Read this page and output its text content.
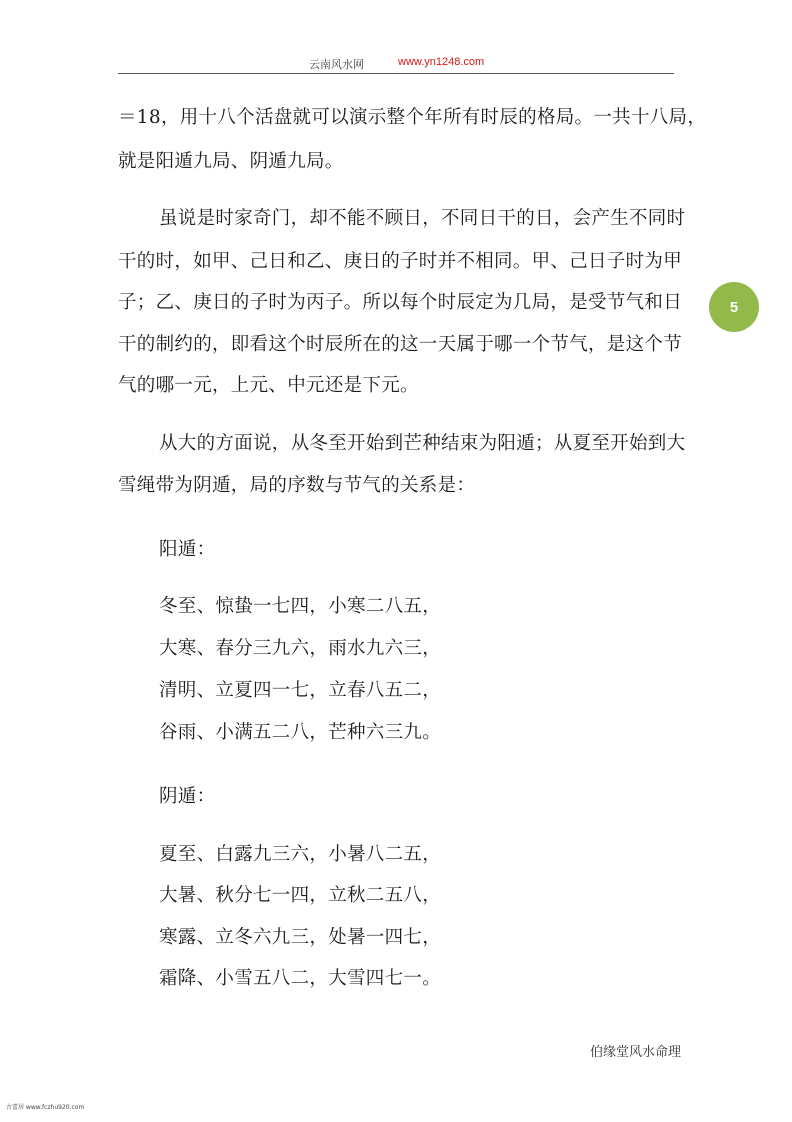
云南风水网	www.yn1248.com
5
＝18，用十八个活盘就可以演示整个年所有时辰的格局。一共十八局，
就是阳遁九局、阴遁九局。
虽说是时家奇门，却不能不顾日，不同日干的日，会产生不同时
干的时，如甲、己日和乙、庚日的子时并不相同。甲、己日子时为甲
子；乙、庚日的子时为丙子。所以每个时辰定为几局，是受节气和日
干的制约的，即看这个时辰所在的这一天属于哪一个节气，是这个节
气的哪一元，上元、中元还是下元。
从大的方面说，从冬至开始到芒种结束为阳遁；从夏至开始到大
雪绳带为阴遁，局的序数与节气的关系是：
阳遁：
冬至、惊蛰一七四，小寒二八五，
大寒、春分三九六，雨水九六三，
清明、立夏四一七，立春八五二，
谷雨、小满五二八，芒种六三九。
阴遁：
夏至、白露九三六，小暑八二五，
大暑、秋分七一四，立秋二五八，
寒露、立冬六九三，处暑一四七，
霜降、小雪五八二，大雪四七一。
伯缘堂风水命理
古蕾居 www.fczhu920.com
